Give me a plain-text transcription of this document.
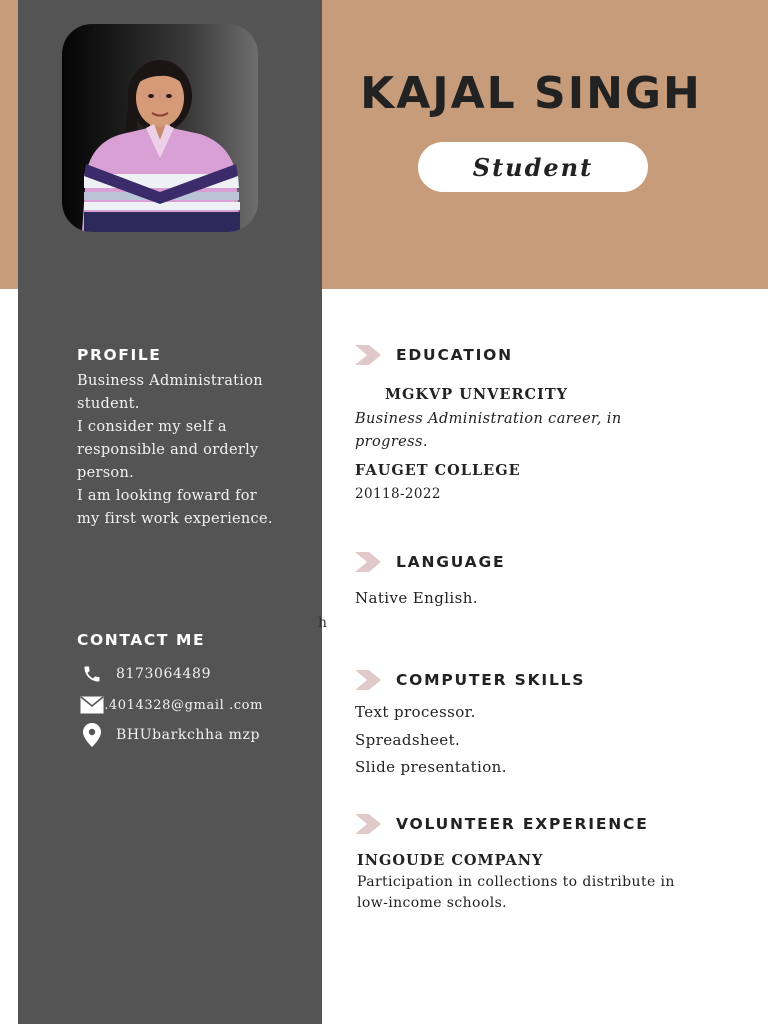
KAJAL SINGH
Student
PROFILE

Business Administration student.

I consider my self a responsible and orderly person.

I am looking foward for my first work experience.

CONTACT ME
8173064489
....4014328@gmail .com
BHUbarkchha mzp
h
EDUCATION

MGKVP UNVERCITY

Business Administration career, in progress.

FAUGET COLLEGE

20118-2022

LANGUAGE

Native English.

COMPUTER SKILLS

Text processor.

Spreadsheet.

Slide presentation.

VOLUNTEER EXPERIENCE

INGOUDE COMPANY

Participation in collections to distribute in low-income schools.
